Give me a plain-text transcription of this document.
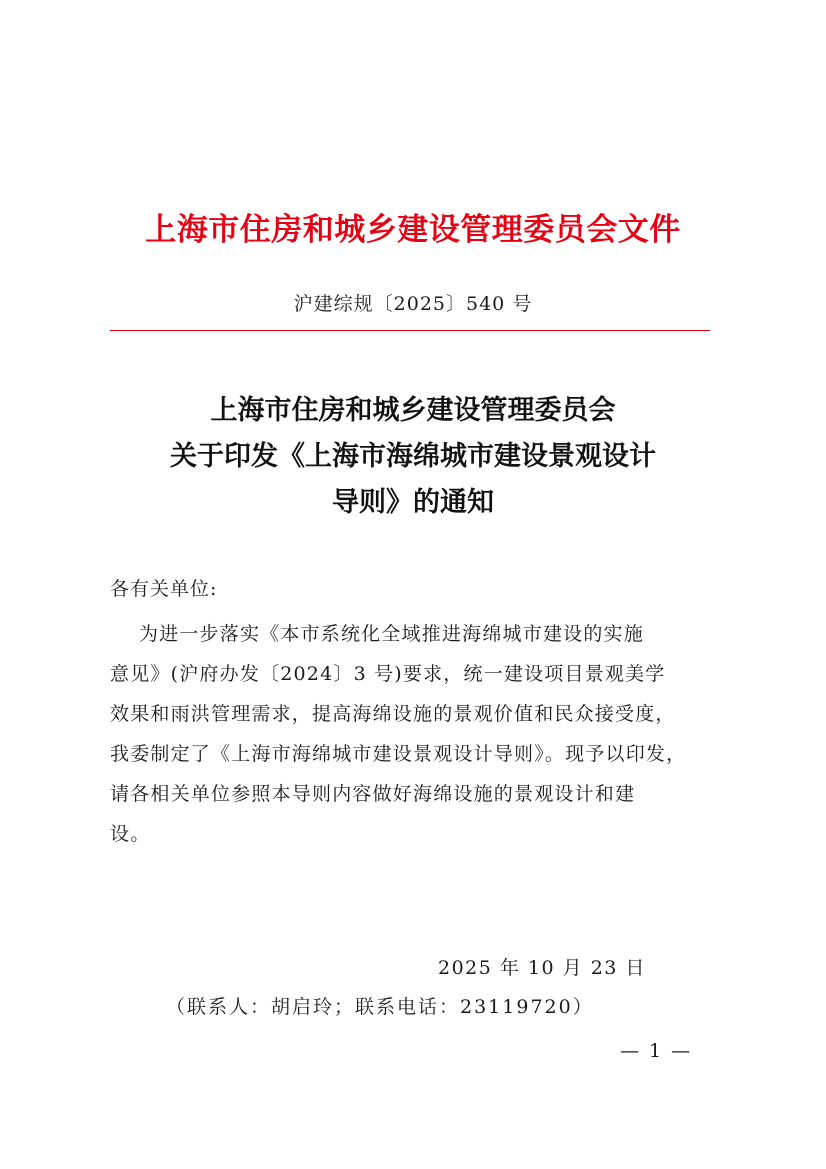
上海市住房和城乡建设管理委员会文件
沪建综规〔2025〕540 号
上海市住房和城乡建设管理委员会
关于印发《上海市海绵城市建设景观设计
导则》的通知
各有关单位:
为进一步落实《本市系统化全域推进海绵城市建设的实施
意见》(沪府办发〔2024〕3 号)要求，统一建设项目景观美学
效果和雨洪管理需求，提高海绵设施的景观价值和民众接受度，
我委制定了《上海市海绵城市建设景观设计导则》。现予以印发，
请各相关单位参照本导则内容做好海绵设施的景观设计和建
设。
2025 年 10 月 23 日
（联系人：胡启玲；联系电话：23119720）
— 1 —
